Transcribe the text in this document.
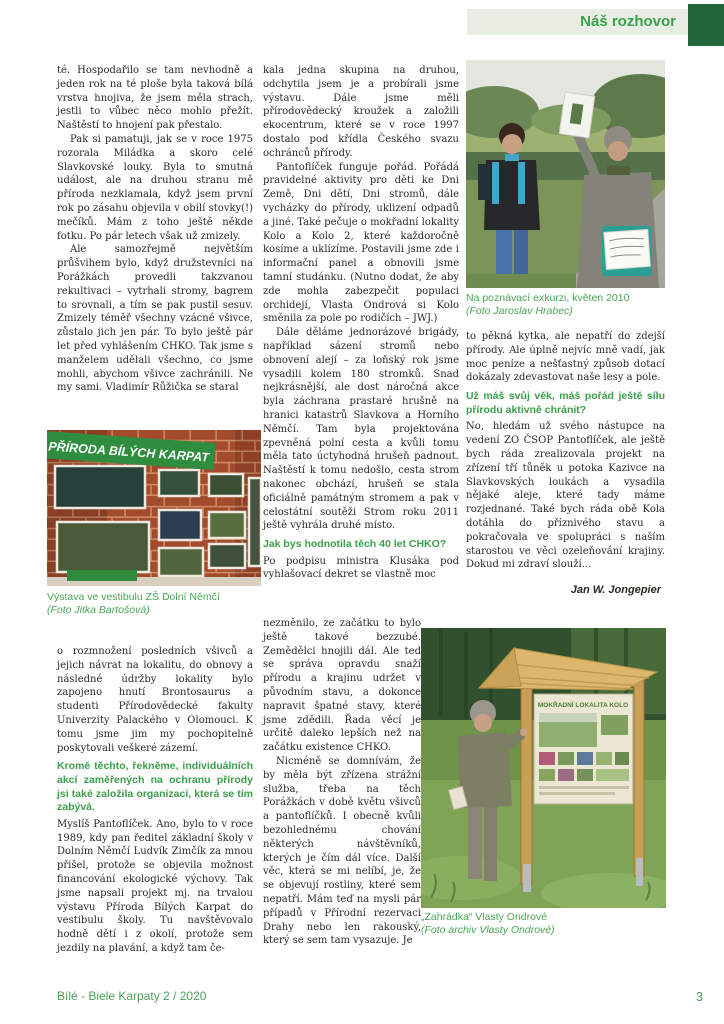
Náš rozhovor

té. Hospodařilo se tam nevhodně a jeden rok na té ploše byla taková bílá vrstva hnojiva, že jsem měla strach, jestli to vůbec něco mohlo přežít. Naštěstí to hnojení pak přestalo.

Pak si pamatuji, jak se v roce 1975 rozorala Miládka a skoro celé Slavkovské louky. Byla to smutná událost, ale na druhou stranu mě příroda nezklamala, když jsem první rok po zásahu objevila v obilí stovky(!) mečíků. Mám z toho ještě někde fotku. Po pár letech však už zmizely.

Ale samozřejmě největším průšvihem bylo, když družstevníci na Porážkách provedli takzvanou rekultivaci – vytrhali stromy, bagrem to srovnali, a tím se pak pustil sesuv. Zmizely téměř všechny vzácné všivce, zůstalo jich jen pár. To bylo ještě pár let před vyhlášením CHKO. Tak jsme s manželem udělali všechno, co jsme mohli, abychom všivce zachránili. Ne my sami. Vladimír Růžička se staral

PŘÍRODA BÍLÝCH KARPAT
Výstava ve vestibulu ZŠ Dolní Němčí
(Foto Jitka Bartošová)

o rozmnožení posledních všivců a jejich návrat na lokalitu, do obnovy a následné údržby lokality bylo zapojeno hnutí Brontosaurus a studenti Přírodovědecké fakulty Univerzity Palackého v Olomouci. K tomu jsme jim my pochopitelně poskytovali veškeré zázemí.

Kromě těchto, řekněme, individuálních akcí zaměřených na ochranu přírody jsi také založila organizaci, která se tím zabývá.

Myslíš Pantoflíček. Ano, bylo to v roce 1989, kdy pan ředitel základní školy v Dolním Němčí Ludvík Zimčík za mnou přišel, protože se objevila možnost financování ekologické výchovy. Tak jsme napsali projekt mj. na trvalou výstavu Příroda Bílých Karpat do vestibulu školy. Tu navštěvovalo hodně dětí i z okolí, protože sem jezdily na plavání, a když tam če-

kala jedna skupina na druhou, odchytila jsem je a probírali jsme výstavu. Dále jsme měli přírodovědecký kroužek a založili ekocentrum, které se v roce 1997 dostalo pod křídla Českého svazu ochránců přírody.

Pantoflíček funguje pořád. Pořádá pravidelné aktivity pro děti ke Dni Země, Dni dětí, Dni stromů, dále vycházky do přírody, uklizení odpadů a jiné. Také pečuje o mokřadní lokality Kolo a Kolo 2, které každoročně kosíme a uklízíme. Postavili jsme zde i informační panel a obnovili jsme tamní studánku. (Nutno dodat, že aby zde mohla zabezpečit populaci orchidejí, Vlasta Ondrová si Kolo směnila za pole po rodičích – JWJ.)

Dále děláme jednorázové brigády, například sázení stromů nebo obnovení alejí – za loňský rok jsme vysadili kolem 180 stromků. Snad nejkrásnější, ale dost náročná akce byla záchrana prastaré hrušně na hranici katastrů Slavkova a Horního Němčí. Tam byla projektována zpevněná polní cesta a kvůli tomu měla tato úctyhodná hrušeň padnout. Naštěstí k tomu nedošlo, cesta strom nakonec obchází, hrušeň se stala oficiálně památným stromem a pak v celostátní soutěži Strom roku 2011 ještě vyhrála druhé místo.

Jak bys hodnotila těch 40 let CHKO?

Po podpisu ministra Klusáka pod vyhlašovací dekret se vlastně moc

nezměnilo, ze začátku to bylo ještě takové bezzubé. Zemědělci hnojili dál. Ale teď se správa opravdu snaží přírodu a krajinu udržet v původním stavu, a dokonce napravit špatné stavy, které jsme zdědili. Řada věcí je určitě daleko lepších než na začátku existence CHKO.

Nicméně se domnívám, že by měla být zřízena strážní služba, třeba na těch Porážkách v době květu všivců a pantoflíčků. I obecně kvůli bezohlednému chování některých návštěvníků, kterých je čím dál více. Další věc, která se mi nelíbí, je, že se objevují rostliny, které sem nepatří. Mám teď na mysli pár případů v Přírodní rezervaci Drahy nebo len rakouský, který se sem tam vysazuje. Je

Na poznávací exkurzi, květen 2010
(Foto Jaroslav Hrabec)

to pěkná kytka, ale nepatří do zdejší přírody. Ale úplně nejvíc mně vadí, jak moc peníze a nešťastný způsob dotací dokázaly zdevastovat naše lesy a pole.

Už máš svůj věk, máš pořád ještě sílu přírodu aktivně chránit?

No, hledám už svého nástupce na vedení ZO ČSOP Pantoflíček, ale ještě bych ráda zrealizovala projekt na zřízení tří tůněk u potoka Kazivce na Slavkovských loukách a vysadila nějaké aleje, které tady máme rozjednané. Také bych ráda obě Kola dotáhla do příznivého stavu a pokračovala ve spolupráci s naším starostou ve věci ozeleňování krajiny. Dokud mi zdraví slouží…

Jan W. Jongepier
MOKŘADNÍ LOKALITA KOLO
„Zahrádka“ Vlasty Ondrové
(Foto archiv Vlasty Ondrové)
Bílé - Biele Karpaty 2 / 2020	3
